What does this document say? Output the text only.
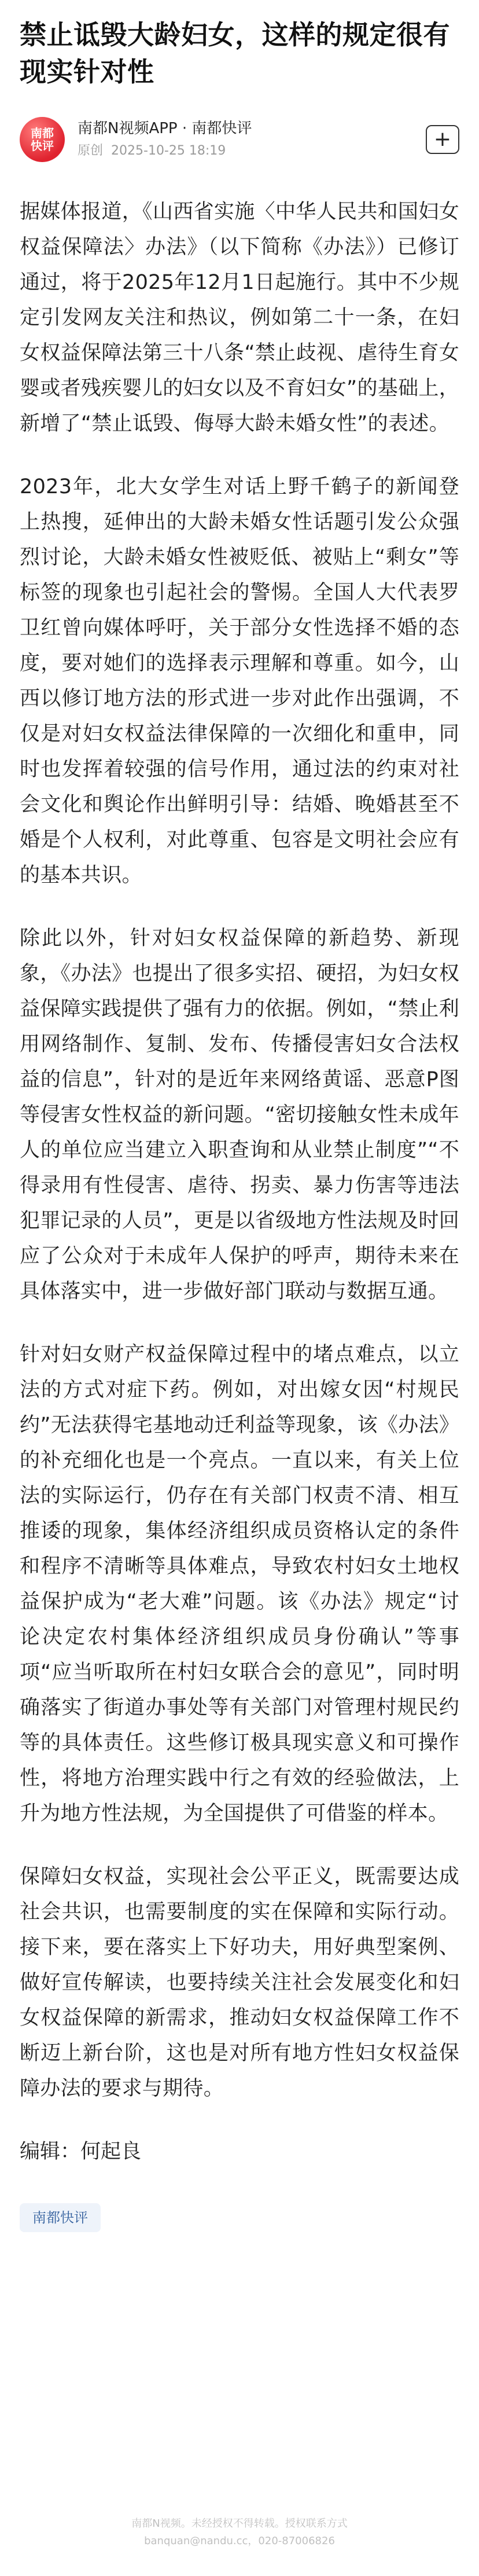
禁止诋毁大龄妇女，这样的规定很有现实针对性
南都
快评
南都N视频APP · 南都快评
原创 2025-10-25 18:19	+

据媒体报道，《山西省实施〈中华人民共和国妇女权益保障法〉办法》（以下简称《办法》）已修订通过，将于2025年12月1日起施行。其中不少规定引发网友关注和热议，例如第二十一条，在妇女权益保障法第三十八条“禁止歧视、虐待生育女婴或者残疾婴儿的妇女以及不育妇女”的基础上，新增了“禁止诋毁、侮辱大龄未婚女性”的表述。

2023年，北大女学生对话上野千鹤子的新闻登上热搜，延伸出的大龄未婚女性话题引发公众强烈讨论，大龄未婚女性被贬低、被贴上“剩女”等标签的现象也引起社会的警惕。全国人大代表罗卫红曾向媒体呼吁，关于部分女性选择不婚的态度，要对她们的选择表示理解和尊重。如今，山西以修订地方法的形式进一步对此作出强调，不仅是对妇女权益法律保障的一次细化和重申，同时也发挥着较强的信号作用，通过法的约束对社会文化和舆论作出鲜明引导：结婚、晚婚甚至不婚是个人权利，对此尊重、包容是文明社会应有的基本共识。

除此以外，针对妇女权益保障的新趋势、新现象，《办法》也提出了很多实招、硬招，为妇女权益保障实践提供了强有力的依据。例如，“禁止利用网络制作、复制、发布、传播侵害妇女合法权益的信息”，针对的是近年来网络黄谣、恶意P图等侵害女性权益的新问题。“密切接触女性未成年人的单位应当建立入职查询和从业禁止制度”“不得录用有性侵害、虐待、拐卖、暴力伤害等违法犯罪记录的人员”，更是以省级地方性法规及时回应了公众对于未成年人保护的呼声，期待未来在具体落实中，进一步做好部门联动与数据互通。

针对妇女财产权益保障过程中的堵点难点，以立法的方式对症下药。例如，对出嫁女因“村规民约”无法获得宅基地动迁利益等现象，该《办法》的补充细化也是一个亮点。一直以来，有关上位法的实际运行，仍存在有关部门权责不清、相互推诿的现象，集体经济组织成员资格认定的条件和程序不清晰等具体难点，导致农村妇女土地权益保护成为“老大难”问题。该《办法》规定“讨论决定农村集体经济组织成员身份确认”等事项“应当听取所在村妇女联合会的意见”，同时明确落实了街道办事处等有关部门对管理村规民约等的具体责任。这些修订极具现实意义和可操作性，将地方治理实践中行之有效的经验做法，上升为地方性法规，为全国提供了可借鉴的样本。

保障妇女权益，实现社会公平正义，既需要达成社会共识，也需要制度的实在保障和实际行动。接下来，要在落实上下好功夫，用好典型案例、做好宣传解读，也要持续关注社会发展变化和妇女权益保障的新需求，推动妇女权益保障工作不断迈上新台阶，这也是对所有地方性妇女权益保障办法的要求与期待。

编辑：何起良
南都快评
南都N视频。未经授权不得转载。授权联系方式
banquan@nandu.cc，020-87006826
